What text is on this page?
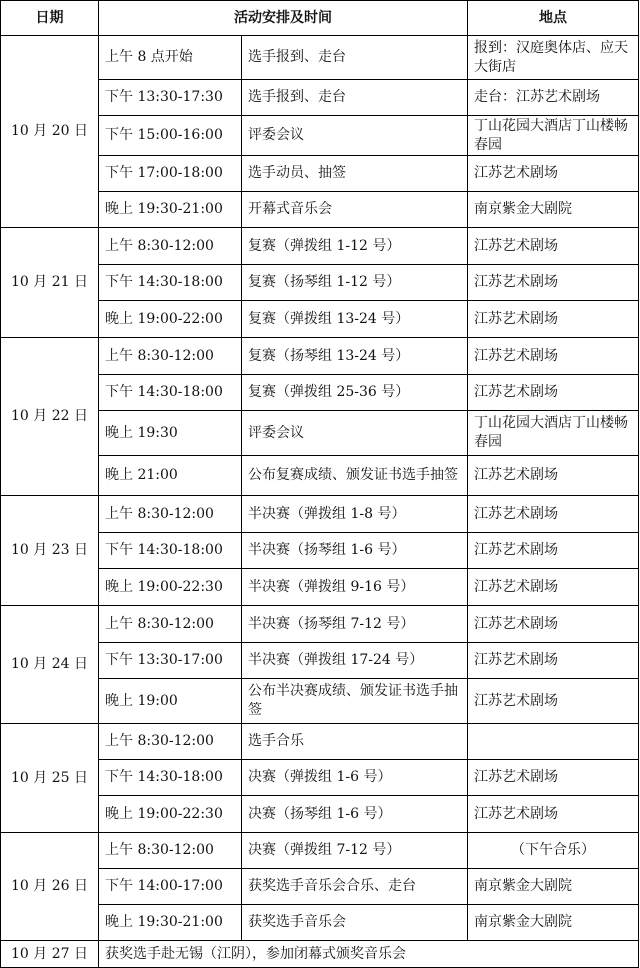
日期	活动安排及时间		地点
10 月 20 日	上午 8 点开始	选手报到、走台	报到：汉庭奥体店、应天大街店
	下午 13:30-17:30	选手报到、走台	走台：江苏艺术剧场
	下午 15:00-16:00	评委会议	丁山花园大酒店丁山楼畅春园
	下午 17:00-18:00	选手动员、抽签	江苏艺术剧场
	晚上 19:30-21:00	开幕式音乐会	南京紫金大剧院
10 月 21 日	上午 8:30-12:00	复赛（弹拨组 1-12 号）	江苏艺术剧场
	下午 14:30-18:00	复赛（扬琴组 1-12 号）	江苏艺术剧场
	晚上 19:00-22:00	复赛（弹拨组 13-24 号）	江苏艺术剧场
10 月 22 日	上午 8:30-12:00	复赛（扬琴组 13-24 号）	江苏艺术剧场
	下午 14:30-18:00	复赛（弹拨组 25-36 号）	江苏艺术剧场
	晚上 19:30	评委会议	丁山花园大酒店丁山楼畅春园
	晚上 21:00	公布复赛成绩、颁发证书选手抽签	江苏艺术剧场
10 月 23 日	上午 8:30-12:00	半决赛（弹拨组 1-8 号）	江苏艺术剧场
	下午 14:30-18:00	半决赛（扬琴组 1-6 号）	江苏艺术剧场
	晚上 19:00-22:30	半决赛（弹拨组 9-16 号）	江苏艺术剧场
10 月 24 日	上午 8:30-12:00	半决赛（扬琴组 7-12 号）	江苏艺术剧场
	下午 13:30-17:00	半决赛（弹拨组 17-24 号）	江苏艺术剧场
	晚上 19:00	公布半决赛成绩、颁发证书选手抽签	江苏艺术剧场
10 月 25 日	上午 8:30-12:00	选手合乐	
	下午 14:30-18:00	决赛（弹拨组 1-6 号）	江苏艺术剧场
	晚上 19:00-22:30	决赛（扬琴组 1-6 号）	江苏艺术剧场
10 月 26 日	上午 8:30-12:00	决赛（弹拨组 7-12 号）	（下午合乐）
	下午 14:00-17:00	获奖选手音乐会合乐、走台	南京紫金大剧院
	晚上 19:30-21:00	获奖选手音乐会	南京紫金大剧院
10 月 27 日	获奖选手赴无锡（江阴），参加闭幕式颁奖音乐会		
